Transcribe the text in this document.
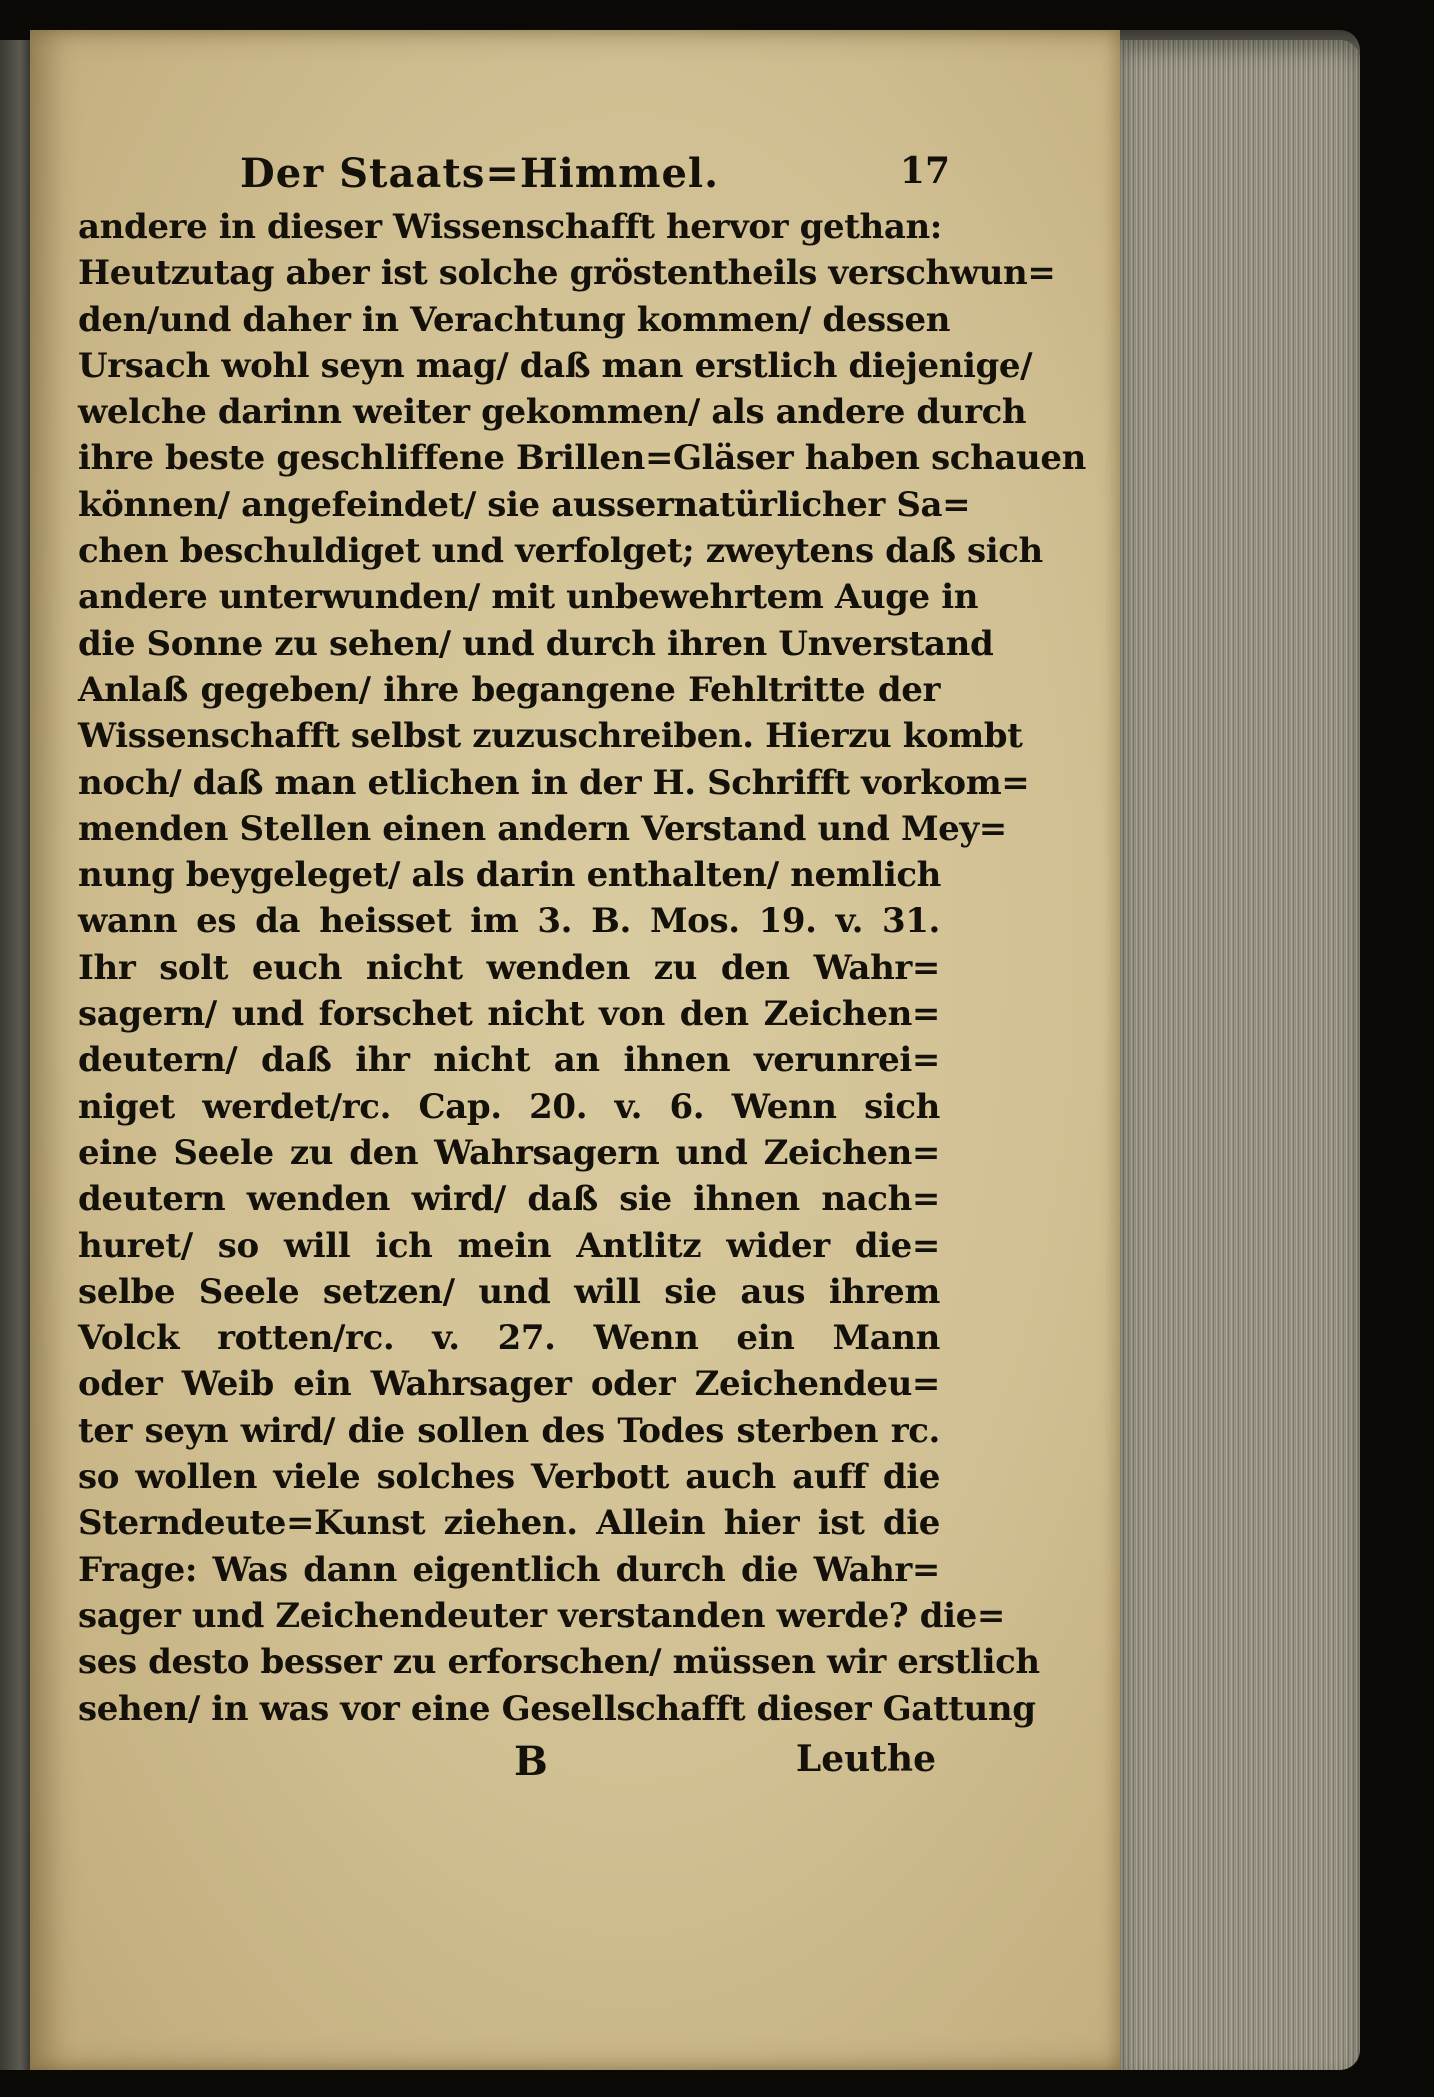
Der Staats=Himmel.	17
andere in dieser Wissenschafft hervor gethan:
Heutzutag aber ist solche gröstentheils verschwun=
den/und daher in Verachtung kommen/ dessen
Ursach wohl seyn mag/ daß man erstlich diejenige/
welche darinn weiter gekommen/ als andere durch
ihre beste geschliffene Brillen=Gläser haben schauen
können/ angefeindet/ sie aussernatürlicher Sa=
chen beschuldiget und verfolget; zweytens daß sich
andere unterwunden/ mit unbewehrtem Auge in
die Sonne zu sehen/ und durch ihren Unverstand
Anlaß gegeben/ ihre begangene Fehltritte der
Wissenschafft selbst zuzuschreiben. Hierzu kombt
noch/ daß man etlichen in der H. Schrifft vorkom=
menden Stellen einen andern Verstand und Mey=
nung beygeleget/ als darin enthalten/ nemlich
wann es da heisset im 3. B. Mos. 19. v. 31.
Ihr solt euch nicht wenden zu den Wahr=
sagern/ und forschet nicht von den Zeichen=
deutern/ daß ihr nicht an ihnen verunrei=
niget werdet/rc. Cap. 20. v. 6. Wenn sich
eine Seele zu den Wahrsagern und Zeichen=
deutern wenden wird/ daß sie ihnen nach=
huret/ so will ich mein Antlitz wider die=
selbe Seele setzen/ und will sie aus ihrem
Volck rotten/rc. v. 27. Wenn ein Mann
oder Weib ein Wahrsager oder Zeichendeu=
ter seyn wird/ die sollen des Todes sterben rc.
so wollen viele solches Verbott auch auff die
Sterndeute=Kunst ziehen. Allein hier ist die
Frage: Was dann eigentlich durch die Wahr=
sager und Zeichendeuter verstanden werde? die=
ses desto besser zu erforschen/ müssen wir erstlich
sehen/ in was vor eine Gesellschafft dieser Gattung
B	Leuthe
